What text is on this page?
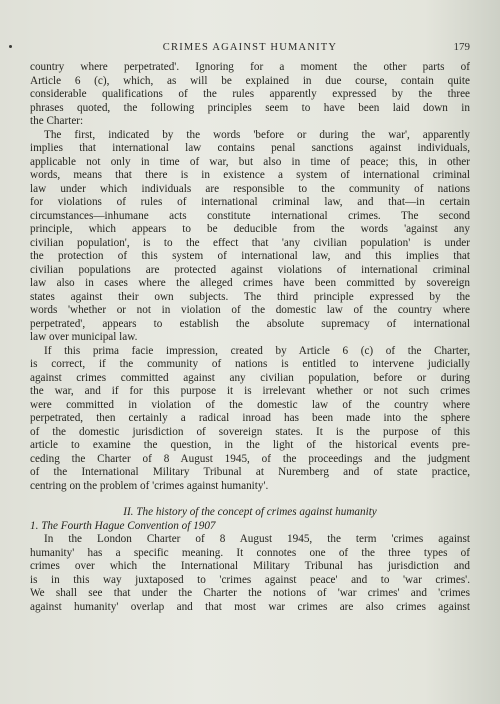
CRIMES AGAINST HUMANITY	179
country where perpetrated'. Ignoring for a moment the other parts of
Article 6 (c), which, as will be explained in due course, contain quite
considerable qualifications of the rules apparently expressed by the three
phrases quoted, the following principles seem to have been laid down in
the Charter:
The first, indicated by the words 'before or during the war', apparently
implies that international law contains penal sanctions against individuals,
applicable not only in time of war, but also in time of peace; this, in other
words, means that there is in existence a system of international criminal
law under which individuals are responsible to the community of nations
for violations of rules of international criminal law, and that—in certain
circumstances—inhumane acts constitute international crimes. The second
principle, which appears to be deducible from the words 'against any
civilian population', is to the effect that 'any civilian population' is under
the protection of this system of international law, and this implies that
civilian populations are protected against violations of international criminal
law also in cases where the alleged crimes have been committed by sovereign
states against their own subjects. The third principle expressed by the
words 'whether or not in violation of the domestic law of the country where
perpetrated', appears to establish the absolute supremacy of international
law over municipal law.
If this prima facie impression, created by Article 6 (c) of the Charter,
is correct, if the community of nations is entitled to intervene judicially
against crimes committed against any civilian population, before or during
the war, and if for this purpose it is irrelevant whether or not such crimes
were committed in violation of the domestic law of the country where
perpetrated, then certainly a radical inroad has been made into the sphere
of the domestic jurisdiction of sovereign states. It is the purpose of this
article to examine the question, in the light of the historical events pre-
ceding the Charter of 8 August 1945, of the proceedings and the judgment
of the International Military Tribunal at Nuremberg and of state practice,
centring on the problem of 'crimes against humanity'.
II. The history of the concept of crimes against humanity
1. The Fourth Hague Convention of 1907
In the London Charter of 8 August 1945, the term 'crimes against
humanity' has a specific meaning. It connotes one of the three types of
crimes over which the International Military Tribunal has jurisdiction and
is in this way juxtaposed to 'crimes against peace' and to 'war crimes'.
We shall see that under the Charter the notions of 'war crimes' and 'crimes
against humanity' overlap and that most war crimes are also crimes against
